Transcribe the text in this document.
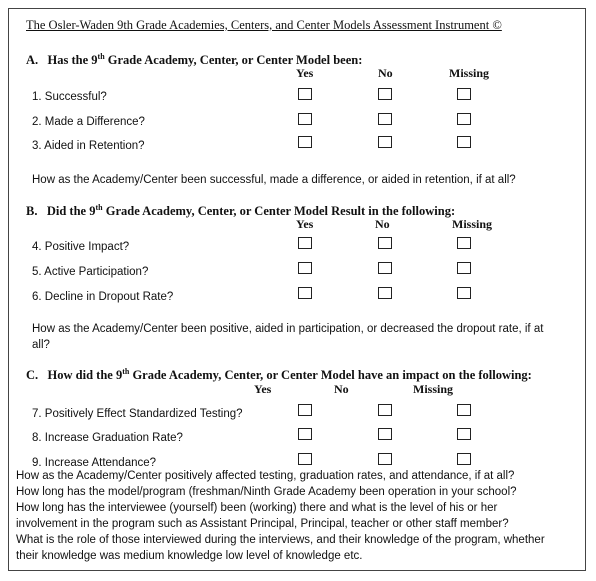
The Osler-Waden 9th Grade Academies, Centers, and Center Models Assessment Instrument ©
A. Has the 9th Grade Academy, Center, or Center Model been:
Yes	No	Missing
1. Successful?
2. Made a Difference?
3. Aided in Retention?
How as the Academy/Center been successful, made a difference, or aided in retention, if at all?
B. Did the 9th Grade Academy, Center, or Center Model Result in the following:
Yes	No	Missing
4. Positive Impact?
5. Active Participation?
6. Decline in Dropout Rate?
How as the Academy/Center been positive, aided in participation, or decreased the dropout rate, if at all?
C. How did the 9th Grade Academy, Center, or Center Model have an impact on the following:
Yes	No	Missing
7. Positively Effect Standardized Testing?
8. Increase Graduation Rate?
9. Increase Attendance?
How as the Academy/Center positively affected testing, graduation rates, and attendance, if at all?
How long has the model/program (freshman/Ninth Grade Academy been operation in your school?
How long has the interviewee (yourself) been (working) there and what is the level of his or her
involvement in the program such as Assistant Principal, Principal, teacher or other staff member?
What is the role of those interviewed during the interviews, and their knowledge of the program, whether
their knowledge was medium knowledge low level of knowledge etc.
